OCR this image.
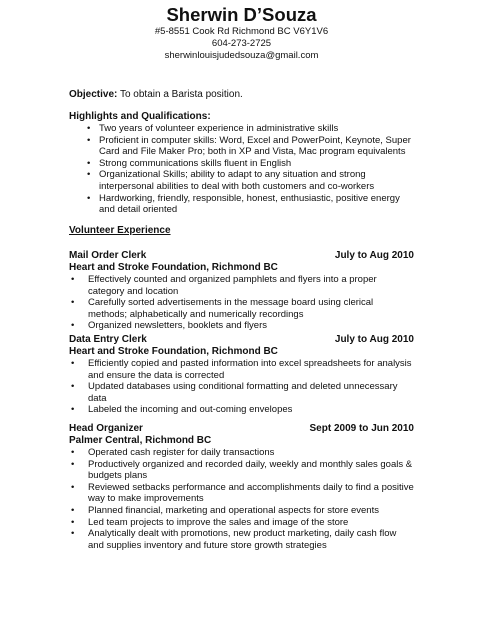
Sherwin D’Souza
#5-8551 Cook Rd Richmond BC V6Y1V6
604-273-2725
sherwinlouisjudedsouza@gmail.com
Objective: To obtain a Barista position.
Highlights and Qualifications:
• Two years of volunteer experience in administrative skills
• Proficient in computer skills: Word, Excel and PowerPoint, Keynote, Super Card and File Maker Pro; both in XP and Vista, Mac program equivalents
• Strong communications skills fluent in English
• Organizational Skills; ability to adapt to any situation and strong interpersonal abilities to deal with both customers and co-workers
• Hardworking, friendly, responsible, honest, enthusiastic, positive energy and detail oriented
Volunteer Experience
Mail Order Clerk	July to Aug 2010
Heart and Stroke Foundation, Richmond BC
• Effectively counted and organized pamphlets and flyers into a proper category and location
• Carefully sorted advertisements in the message board using clerical methods; alphabetically and numerically recordings
• Organized newsletters, booklets and flyers
Data Entry Clerk	July to Aug 2010
Heart and Stroke Foundation, Richmond BC
• Efficiently copied and pasted information into excel spreadsheets for analysis and ensure the data is corrected
• Updated databases using conditional formatting and deleted unnecessary data
• Labeled the incoming and out-coming envelopes
Head Organizer	Sept 2009 to Jun 2010
Palmer Central, Richmond BC
• Operated cash register for daily transactions
• Productively organized and recorded daily, weekly and monthly sales goals & budgets plans
• Reviewed setbacks performance and accomplishments daily to find a positive way to make improvements
• Planned financial, marketing and operational aspects for store events
• Led team projects to improve the sales and image of the store
• Analytically dealt with promotions, new product marketing, daily cash flow and supplies inventory and future store growth strategies
